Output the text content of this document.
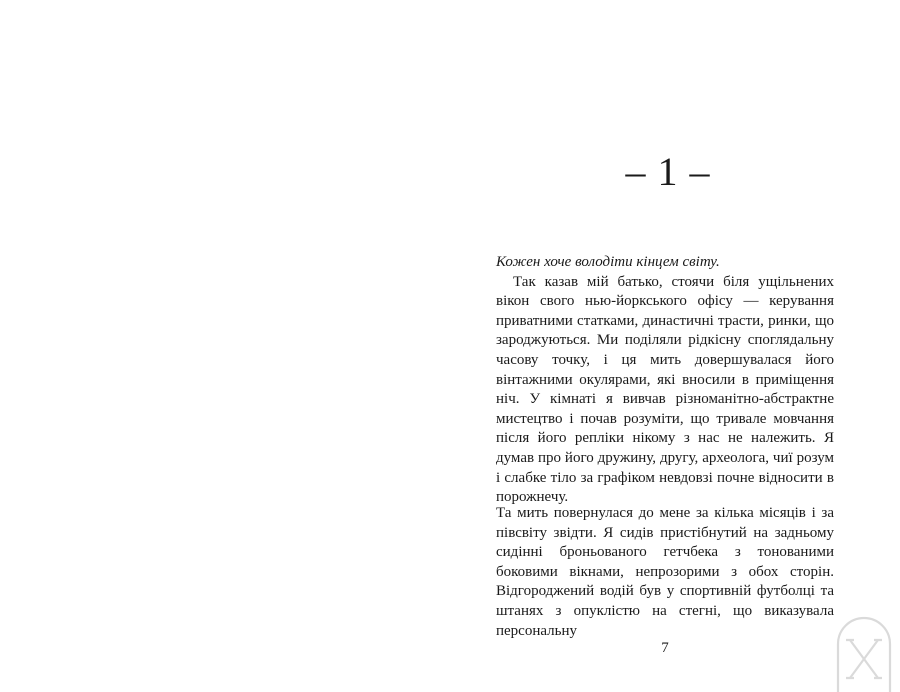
– 1 –

Кожен хоче володіти кінцем світу.

Так казав мій батько, стоячи біля ущільнених вікон свого нью-йоркського офісу — керування приватними статками, династичні трасти, ринки, що зароджуються. Ми поділяли рідкісну споглядальну часову точку, і ця мить довершувалася його вінтажними окулярами, які вносили в приміщення ніч. У кімнаті я вивчав різноманітно-абстрактне мистецтво і почав розуміти, що тривале мовчання після його репліки нікому з нас не належить. Я думав про його дружину, другу, археолога, чиї розум і слабке тіло за графіком невдовзі почне відносити в порожнечу.

Та мить повернулася до мене за кілька місяців і за півсвіту звідти. Я сидів пристібнутий на задньому сидінні броньованого гетчбека з тонованими боковими вікнами, непрозорими з обох сторін. Відгороджений водій був у спортивній футболці та штанях з опуклістю на стегні, що виказувала персональну

7
